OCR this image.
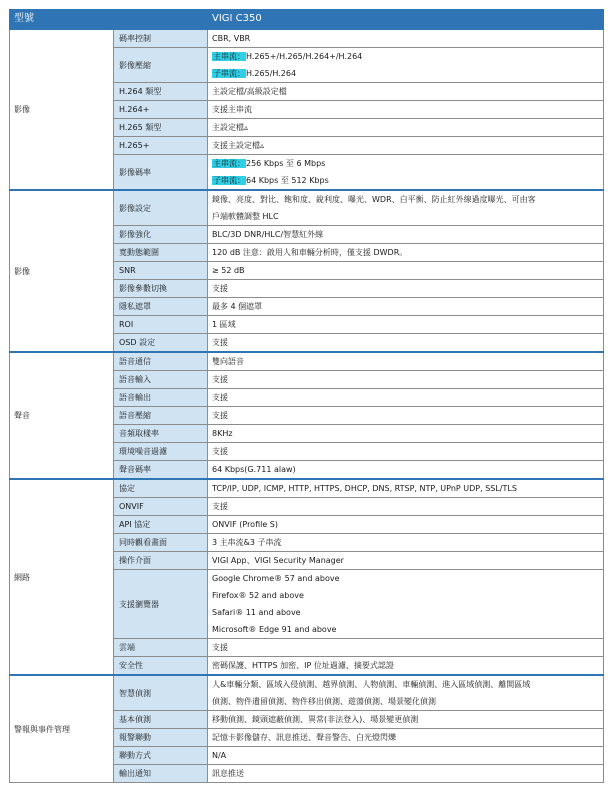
型號		VIGI C350
影像	碼率控制	CBR, VBR

	影像壓縮	主串流：H.265+/H.265/H.264+/H.264
子串流：H.265/H.264

	H.264 類型	主設定檔/高級設定檔

	H.264+	支援主串流

	H.265 類型	主設定檔▵

	H.265+	支援主設定檔▵

	影像碼率	主串流：256 Kbps 至 6 Mbps
子串流：64 Kbps 至 512 Kbps

影像	影像設定	鏡像、亮度、對比、飽和度、銳利度、曝光、WDR、白平衡、防止紅外線過度曝光、可由客
戶端軟體調整 HLC

	影像強化	BLC/3D DNR/HLC/智慧紅外線

	寬動態範圍	120 dB 注意：啟用人和車輛分析時，僅支援 DWDR。

	SNR	≥ 52 dB

	影像參數切換	支援

	隱私遮罩	最多 4 個遮罩

	ROI	1 區域

	OSD 設定	支援

聲音	語音通信	雙向語音

	語音輸入	支援

	語音輸出	支援

	語音壓縮	支援

	音頻取樣率	8KHz

	環境噪音過濾	支援

	聲音碼率	64 Kbps(G.711 alaw)

網路	協定	TCP/IP, UDP, ICMP, HTTP, HTTPS, DHCP, DNS, RTSP, NTP, UPnP UDP, SSL/TLS

	ONVIF	支援

	API 協定	ONVIF (Profile S)

	同時觀看畫面	3 主串流&3 子串流

	操作介面	VIGI App、VIGI Security Manager

	支援瀏覽器	Google Chrome® 57 and above
Firefox® 52 and above
Safari® 11 and above
Microsoft® Edge 91 and above

	雲端	支援

	安全性	密碼保護、HTTPS 加密、IP 位址過濾、摘要式認證

警報與事件管理	智慧偵測	人&車輛分類、區域入侵偵測、越界偵測、人物偵測、車輛偵測、進入區域偵測、離開區域
偵測、物件遺留偵測、物件移出偵測、遊蕩偵測、場景變化偵測

	基本偵測	移動偵測、鏡頭遮蔽偵測、異常(非法登入)、場景變更偵測

	報警聯動	記憶卡影像儲存、訊息推送、聲音警告、白光燈閃爍

	聯動方式	N/A

	輸出通知	訊息推送
